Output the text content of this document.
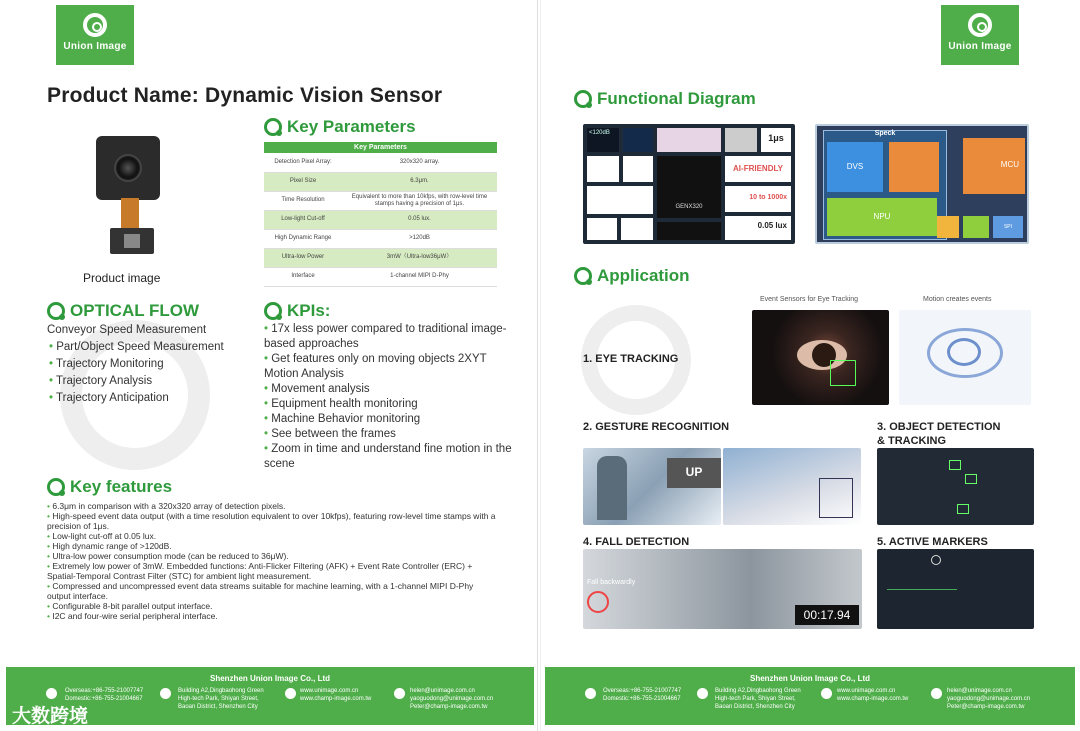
Union Image
Product Name: Dynamic Vision Sensor
Product image
Key Parameters
Key Parameters	
Detection Pixel Array:	320x320 array.
Pixel Size	6.3μm.
Time Resolution	Equivalent to more than 10kfps, with row-level time stamps having a precision of 1μs.
Low-light Cut-off	0.05 lux.
High Dynamic Range	>120dB
Ultra-low Power	3mW（Ultra-low36μW）
Interface	1-channel MIPI D-Phy
OPTICAL FLOW
Conveyor Speed Measurement
• Part/Object Speed Measurement
• Trajectory Monitoring
• Trajectory Analysis
• Trajectory Anticipation
KPIs:
• 17x less power compared to traditional image-based approaches
• Get features only on moving objects 2XYT Motion Analysis
• Movement analysis
• Equipment health monitoring
• Machine Behavior monitoring
• See between the frames
• Zoom in time and understand fine motion in the scene
Key features
• 6.3μm in comparison with a 320x320 array of detection pixels.
• High-speed event data output (with a time resolution equivalent to over 10kfps), featuring row-level time stamps with a precision of 1μs.
• Low-light cut-off at 0.05 lux.
• High dynamic range of >120dB.
• Ultra-low power consumption mode (can be reduced to 36μW).
• Extremely low power of 3mW. Embedded functions: Anti-Flicker Filtering (AFK) + Event Rate Controller (ERC) + Spatial-Temporal Contrast Filter (STC) for ambient light measurement.
• Compressed and uncompressed event data streams suitable for machine learning, with a 1-channel MIPI D-Phy output interface.
• Configurable 8-bit parallel output interface.
• I2C and four-wire serial peripheral interface.
Shenzhen Union Image Co., Ltd
Overseas:+86-755-21007747
Domestic:+86-755-21004667
Building A2,Dingbaohong Green
High-tech Park, Shiyan Street,
Baoan District, Shenzhen City
www.unimage.com.cn
www.champ-image.com.tw
helen@unimage.com.cn
yaoguodong@unimage.com.cn
Peter@champ-image.com.tw
大数跨境
Union Image
Functional Diagram
<120dB	1μs
GENX320
AI-FRIENDLY
10 to 1000x
0.05 lux
Speck
DVS
NPU
MCU
SPI
Application
Event Sensors for Eye Tracking	Motion creates events
1. EYE TRACKING
2. GESTURE RECOGNITION
UP
3. OBJECT DETECTION & TRACKING
4. FALL DETECTION
Fall backwardly
00:17.94
5. ACTIVE MARKERS
Shenzhen Union Image Co., Ltd
Overseas:+86-755-21007747
Domestic:+86-755-21004667
Building A2,Dingbaohong Green
High-tech Park, Shiyan Street,
Baoan District, Shenzhen City
www.unimage.com.cn
www.champ-image.com.tw
helen@unimage.com.cn
yaoguodong@unimage.com.cn
Peter@champ-image.com.tw
